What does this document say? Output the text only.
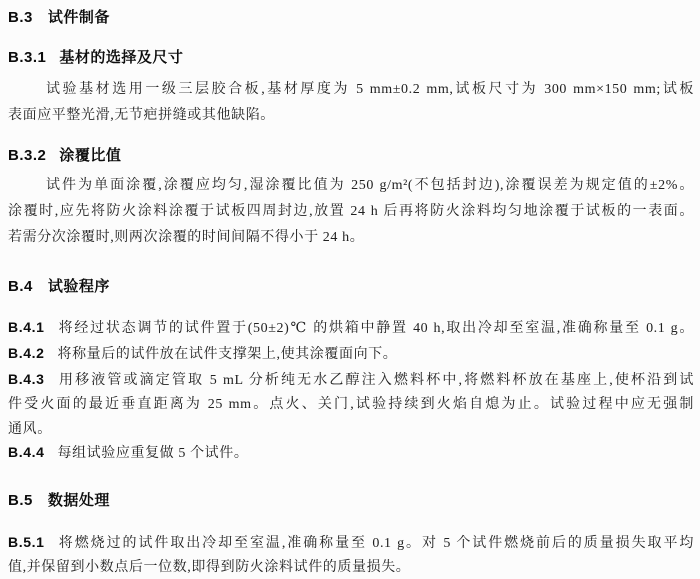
B.3 试件制备
B.3.1 基材的选择及尺寸
试验基材选用一级三层胶合板,基材厚度为 5 mm±0.2 mm,试板尺寸为 300 mm×150 mm;试板
表面应平整光滑,无节疤拼缝或其他缺陷。
B.3.2 涂覆比值
试件为单面涂覆,涂覆应均匀,湿涂覆比值为 250 g/m²(不包括封边),涂覆误差为规定值的±2%。
涂覆时,应先将防火涂料涂覆于试板四周封边,放置 24 h 后再将防火涂料均匀地涂覆于试板的一表面。
若需分次涂覆时,则两次涂覆的时间间隔不得小于 24 h。
B.4 试验程序
B.4.1 将经过状态调节的试件置于(50±2)℃ 的烘箱中静置 40 h,取出冷却至室温,准确称量至 0.1 g。
B.4.2 将称量后的试件放在试件支撑架上,使其涂覆面向下。
B.4.3 用移液管或滴定管取 5 mL 分析纯无水乙醇注入燃料杯中,将燃料杯放在基座上,使杯沿到试
件受火面的最近垂直距离为 25 mm。点火、关门,试验持续到火焰自熄为止。试验过程中应无强制
通风。
B.4.4 每组试验应重复做 5 个试件。
B.5 数据处理
B.5.1 将燃烧过的试件取出冷却至室温,准确称量至 0.1 g。对 5 个试件燃烧前后的质量损失取平均
值,并保留到小数点后一位数,即得到防火涂料试件的质量损失。
